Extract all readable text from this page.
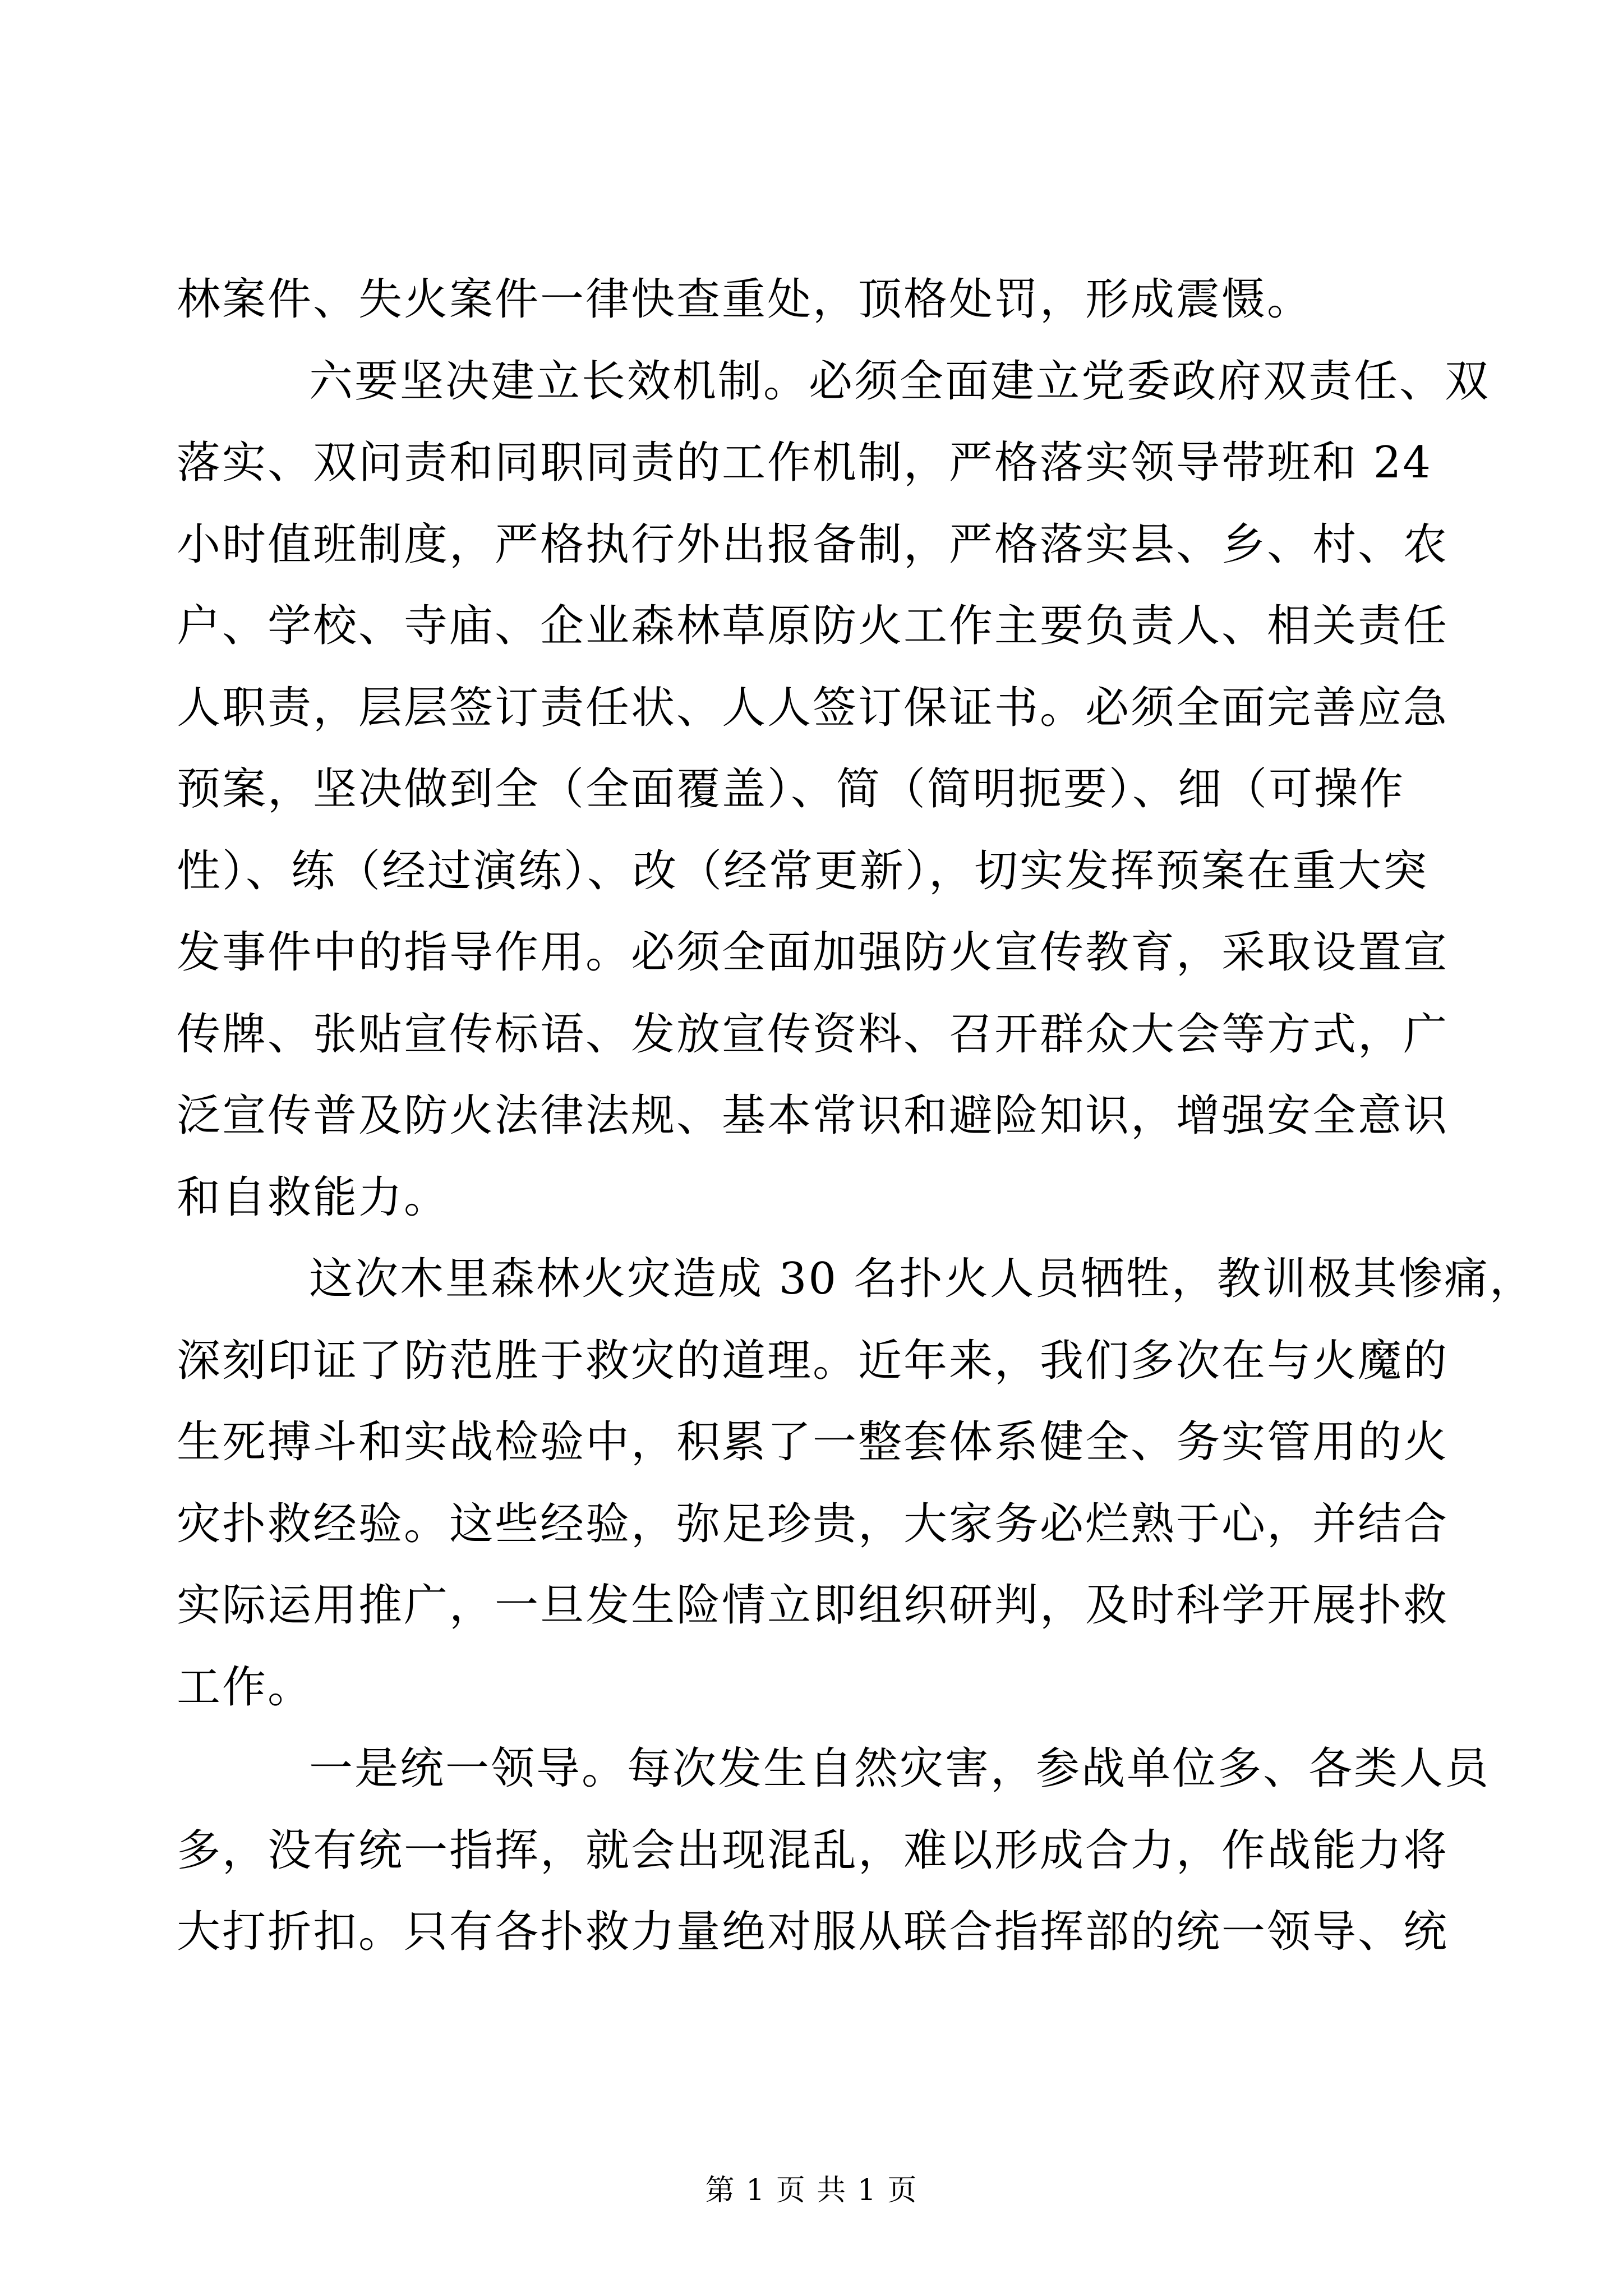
林案件、失火案件一律快查重处，顶格处罚，形成震慑。
六要坚决建立长效机制。必须全面建立党委政府双责任、双
落实、双问责和同职同责的工作机制，严格落实领导带班和 24
小时值班制度，严格执行外出报备制，严格落实县、乡、村、农
户、学校、寺庙、企业森林草原防火工作主要负责人、相关责任
人职责，层层签订责任状、人人签订保证书。必须全面完善应急
预案，坚决做到全（全面覆盖）、简（简明扼要）、细（可操作
性）、练（经过演练）、改（经常更新），切实发挥预案在重大突
发事件中的指导作用。必须全面加强防火宣传教育，采取设置宣
传牌、张贴宣传标语、发放宣传资料、召开群众大会等方式，广
泛宣传普及防火法律法规、基本常识和避险知识，增强安全意识
和自救能力。
这次木里森林火灾造成 30 名扑火人员牺牲，教训极其惨痛，
深刻印证了防范胜于救灾的道理。近年来，我们多次在与火魔的
生死搏斗和实战检验中，积累了一整套体系健全、务实管用的火
灾扑救经验。这些经验，弥足珍贵，大家务必烂熟于心，并结合
实际运用推广，一旦发生险情立即组织研判，及时科学开展扑救
工作。
一是统一领导。每次发生自然灾害，参战单位多、各类人员
多，没有统一指挥，就会出现混乱，难以形成合力，作战能力将
大打折扣。只有各扑救力量绝对服从联合指挥部的统一领导、统
第 1 页 共 1 页
